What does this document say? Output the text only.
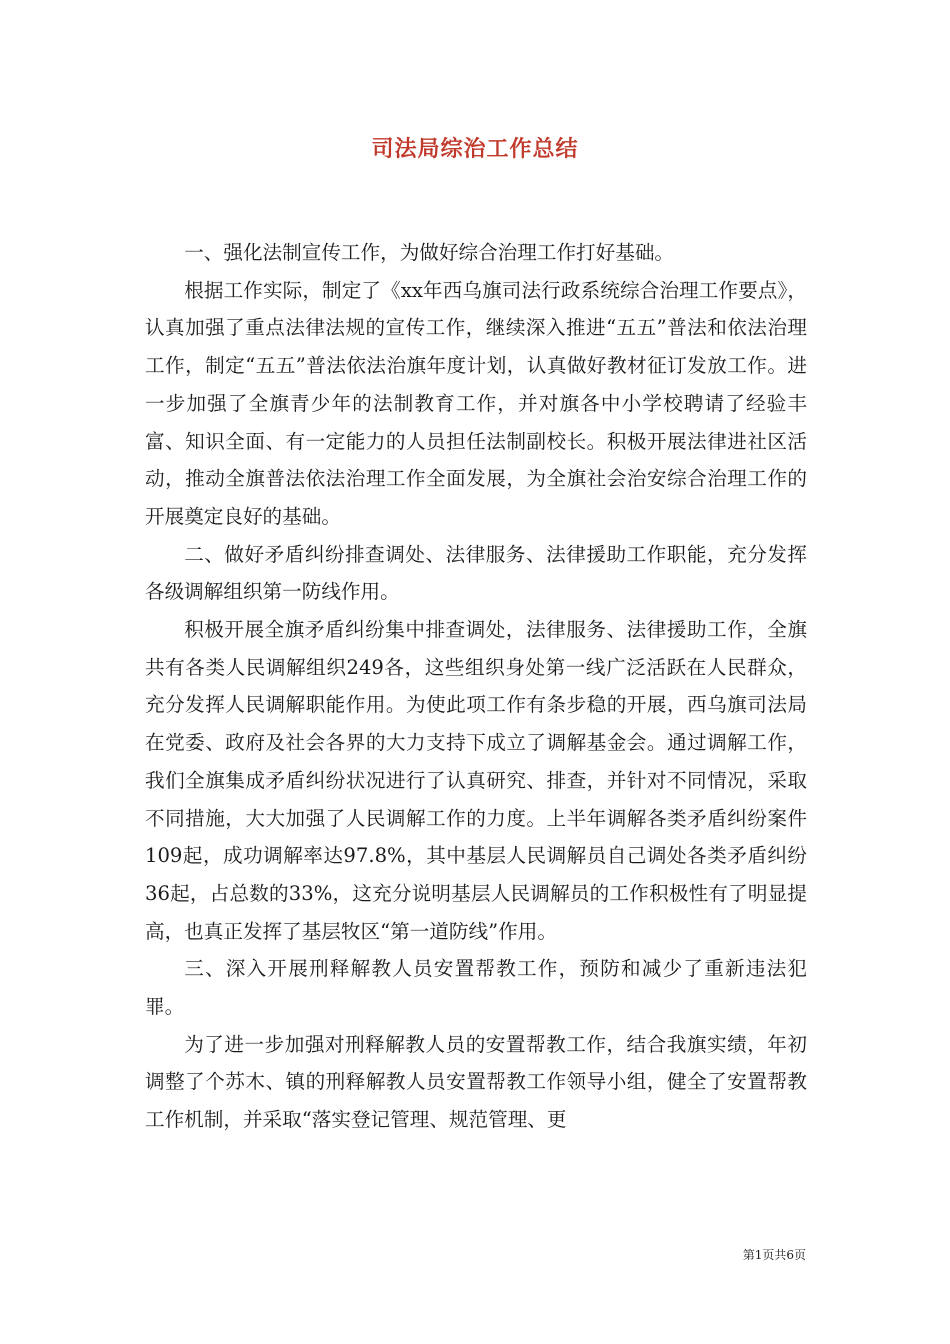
司法局综治工作总结

一、强化法制宣传工作，为做好综合治理工作打好基础。

根据工作实际，制定了《xx年西乌旗司法行政系统综合治理工作要点》，认真加强了重点法律法规的宣传工作，继续深入推进“五五”普法和依法治理工作，制定“五五”普法依法治旗年度计划，认真做好教材征订发放工作。进一步加强了全旗青少年的法制教育工作，并对旗各中小学校聘请了经验丰富、知识全面、有一定能力的人员担任法制副校长。积极开展法律进社区活动，推动全旗普法依法治理工作全面发展，为全旗社会治安综合治理工作的开展奠定良好的基础。

二、做好矛盾纠纷排查调处、法律服务、法律援助工作职能，充分发挥各级调解组织第一防线作用。

积极开展全旗矛盾纠纷集中排查调处，法律服务、法律援助工作，全旗共有各类人民调解组织249各，这些组织身处第一线广泛活跃在人民群众，充分发挥人民调解职能作用。为使此项工作有条步稳的开展，西乌旗司法局在党委、政府及社会各界的大力支持下成立了调解基金会。通过调解工作，我们全旗集成矛盾纠纷状况进行了认真研究、排查，并针对不同情况，采取不同措施，大大加强了人民调解工作的力度。上半年调解各类矛盾纠纷案件109起，成功调解率达97.8%，其中基层人民调解员自己调处各类矛盾纠纷36起，占总数的33%，这充分说明基层人民调解员的工作积极性有了明显提高，也真正发挥了基层牧区“第一道防线”作用。

三、深入开展刑释解教人员安置帮教工作，预防和减少了重新违法犯罪。

为了进一步加强对刑释解教人员的安置帮教工作，结合我旗实绩，年初调整了个苏木、镇的刑释解教人员安置帮教工作领导小组，健全了安置帮教工作机制，并采取“落实登记管理、规范管理、更

第1页共6页
